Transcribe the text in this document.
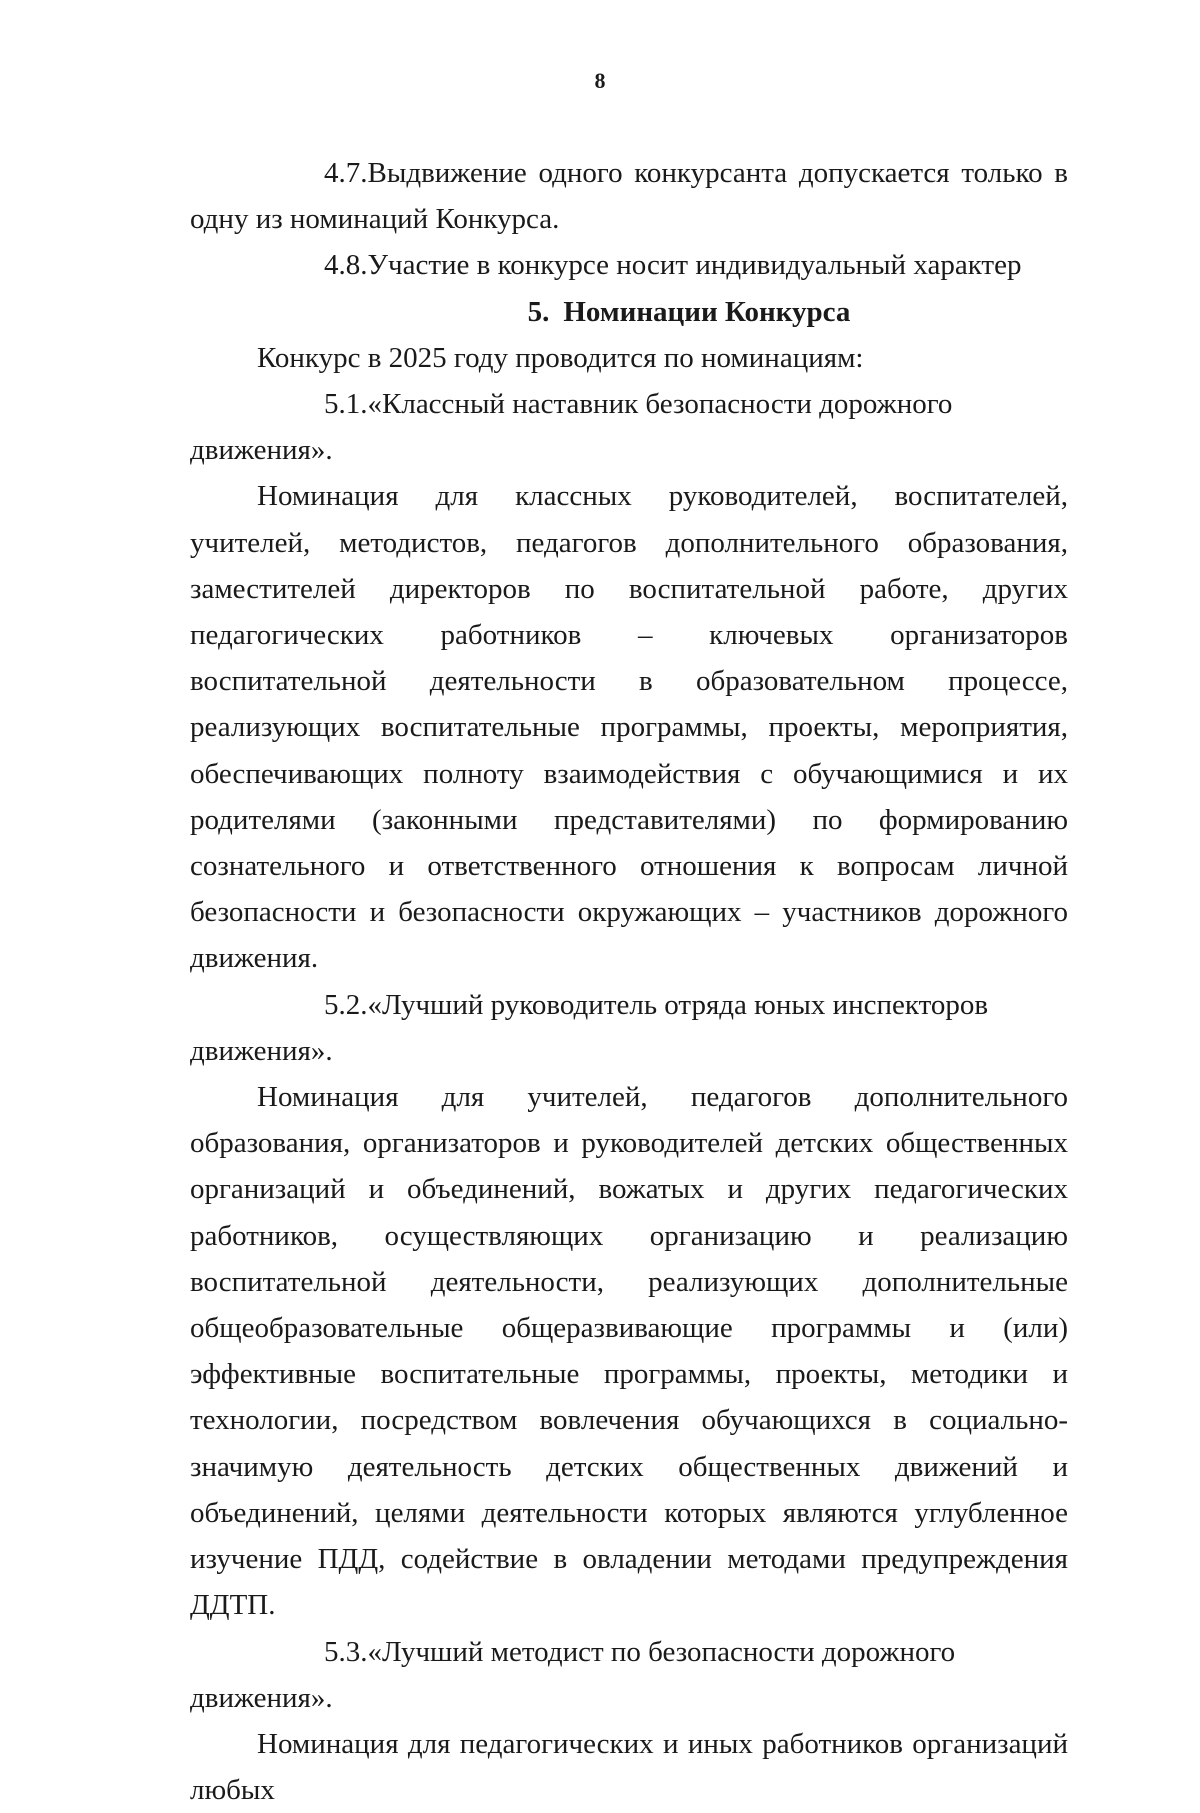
8

4.7.Выдвижение одного конкурсанта допускается только в одну из номинаций Конкурса.

4.8.Участие в конкурсе носит индивидуальный характер

5. Номинации Конкурса

Конкурс в 2025 году проводится по номинациям:

5.1.«Классный наставник безопасности дорожного движения».

Номинация для классных руководителей, воспитателей, учителей, методистов, педагогов дополнительного образования, заместителей директоров по воспитательной работе, других педагогических работников – ключевых организаторов воспитательной деятельности в образовательном процессе, реализующих воспитательные программы, проекты, мероприятия, обеспечивающих полноту взаимодействия с обучающимися и их родителями (законными представителями) по формированию сознательного и ответственного отношения к вопросам личной безопасности и безопасности окружающих – участников дорожного движения.

5.2.«Лучший руководитель отряда юных инспекторов движения».

Номинация для учителей, педагогов дополнительного образования, организаторов и руководителей детских общественных организаций и объединений, вожатых и других педагогических работников, осуществляющих организацию и реализацию воспитательной деятельности, реализующих дополнительные общеобразовательные общеразвивающие программы и (или) эффективные воспитательные программы, проекты, методики и технологии, посредством вовлечения обучающихся в социально-значимую деятельность детских общественных движений и объединений, целями деятельности которых являются углубленное изучение ПДД, содействие в овладении методами предупреждения ДДТП.

5.3.«Лучший методист по безопасности дорожного движения».

Номинация для педагогических и иных работников организаций любых
